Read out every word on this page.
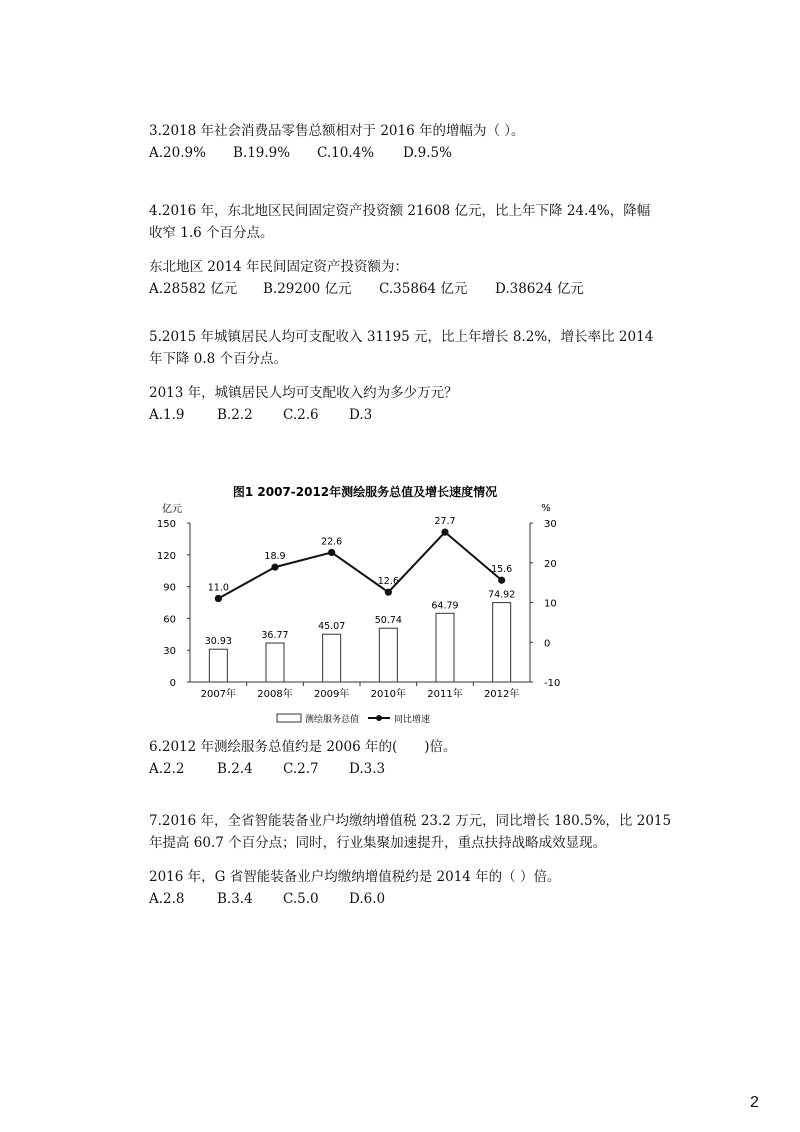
3.2018 年社会消费品零售总额相对于 2016 年的增幅为（ ）。
A.20.9% B.19.9% C.10.4% D.9.5%
4.2016 年，东北地区民间固定资产投资额 21608 亿元，比上年下降 24.4%，降幅
收窄 1.6 个百分点。
东北地区 2014 年民间固定资产投资额为：
A.28582 亿元 B.29200 亿元 C.35864 亿元 D.38624 亿元
5.2015 年城镇居民人均可支配收入 31195 元，比上年增长 8.2%，增长率比 2014
年下降 0.8 个百分点。
2013 年，城镇居民人均可支配收入约为多少万元？
A.1.9 B.2.2 C.2.6 D.3
图1 2007-2012年测绘服务总值及增长速度情况
亿元	%
0
30
60
90
120
150
-10
0
10
20
30
2007年 2008年 2009年 2010年 2011年 2012年
30.93
36.77
45.07
50.74
64.79
74.92
11.0
18.9
22.6
12.6
27.7
15.6
测绘服务总值	同比增速
6.2012 年测绘服务总值约是 2006 年的(　　)倍。
A.2.2 B.2.4 C.2.7 D.3.3
7.2016 年，全省智能装备业户均缴纳增值税 23.2 万元，同比增长 180.5%，比 2015
年提高 60.7 个百分点；同时，行业集聚加速提升，重点扶持战略成效显现。
2016 年，G 省智能装备业户均缴纳增值税约是 2014 年的（ ）倍。
A.2.8 B.3.4 C.5.0 D.6.0
2
